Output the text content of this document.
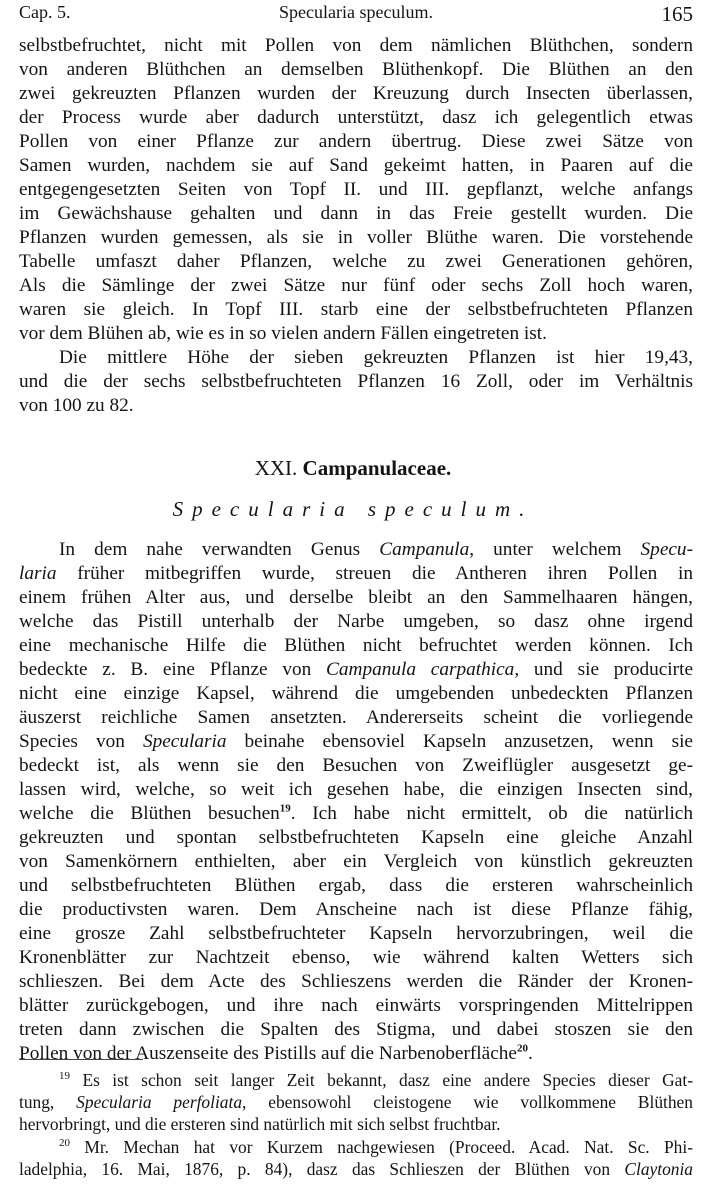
Cap. 5.	Specularia speculum.	165
selbstbefruchtet, nicht mit Pollen von dem nämlichen Blüthchen, sondern
von anderen Blüthchen an demselben Blüthenkopf. Die Blüthen an den
zwei gekreuzten Pflanzen wurden der Kreuzung durch Insecten überlassen,
der Process wurde aber dadurch unterstützt, dasz ich gelegentlich etwas
Pollen von einer Pflanze zur andern übertrug. Diese zwei Sätze von
Samen wurden, nachdem sie auf Sand gekeimt hatten, in Paaren auf die
entgegengesetzten Seiten von Topf II. und III. gepflanzt, welche anfangs
im Gewächshause gehalten und dann in das Freie gestellt wurden. Die
Pflanzen wurden gemessen, als sie in voller Blüthe waren. Die vorstehende
Tabelle umfaszt daher Pflanzen, welche zu zwei Generationen gehören,
Als die Sämlinge der zwei Sätze nur fünf oder sechs Zoll hoch waren,
waren sie gleich. In Topf III. starb eine der selbstbefruchteten Pflanzen
vor dem Blühen ab, wie es in so vielen andern Fällen eingetreten ist.
Die mittlere Höhe der sieben gekreuzten Pflanzen ist hier 19,43,
und die der sechs selbstbefruchteten Pflanzen 16 Zoll, oder im Verhältnis
von 100 zu 82.
XXI. Campanulaceae.
Specularia speculum.
In dem nahe verwandten Genus Campanula, unter welchem Specu-
laria früher mitbegriffen wurde, streuen die Antheren ihren Pollen in
einem frühen Alter aus, und derselbe bleibt an den Sammelhaaren hängen,
welche das Pistill unterhalb der Narbe umgeben, so dasz ohne irgend
eine mechanische Hilfe die Blüthen nicht befruchtet werden können. Ich
bedeckte z. B. eine Pflanze von Campanula carpathica, und sie producirte
nicht eine einzige Kapsel, während die umgebenden unbedeckten Pflanzen
äuszerst reichliche Samen ansetzten. Andererseits scheint die vorliegende
Species von Specularia beinahe ebensoviel Kapseln anzusetzen, wenn sie
bedeckt ist, als wenn sie den Besuchen von Zweiflügler ausgesetzt ge-
lassen wird, welche, so weit ich gesehen habe, die einzigen Insecten sind,
welche die Blüthen besuchen$^{19}$. Ich habe nicht ermittelt, ob die natürlich
gekreuzten und spontan selbstbefruchteten Kapseln eine gleiche Anzahl
von Samenkörnern enthielten, aber ein Vergleich von künstlich gekreuzten
und selbstbefruchteten Blüthen ergab, dass die ersteren wahrscheinlich
die productivsten waren. Dem Anscheine nach ist diese Pflanze fähig,
eine grosze Zahl selbstbefruchteter Kapseln hervorzubringen, weil die
Kronenblätter zur Nachtzeit ebenso, wie während kalten Wetters sich
schlieszen. Bei dem Acte des Schlieszens werden die Ränder der Kronen-
blätter zurückgebogen, und ihre nach einwärts vorspringenden Mittelrippen
treten dann zwischen die Spalten des Stigma, und dabei stoszen sie den
Pollen von der Auszenseite des Pistills auf die Narbenoberfläche$^{20}$.
$^{19}$ Es ist schon seit langer Zeit bekannt, dasz eine andere Species dieser Gat-
tung, Specularia perfoliata, ebensowohl cleistogene wie vollkommene Blüthen
hervorbringt, und die ersteren sind natürlich mit sich selbst fruchtbar.
$^{20}$ Mr. Mechan hat vor Kurzem nachgewiesen (Proceed. Acad. Nat. Sc. Phi-
ladelphia, 16. Mai, 1876, p. 84), dasz das Schlieszen der Blüthen von Claytonia
